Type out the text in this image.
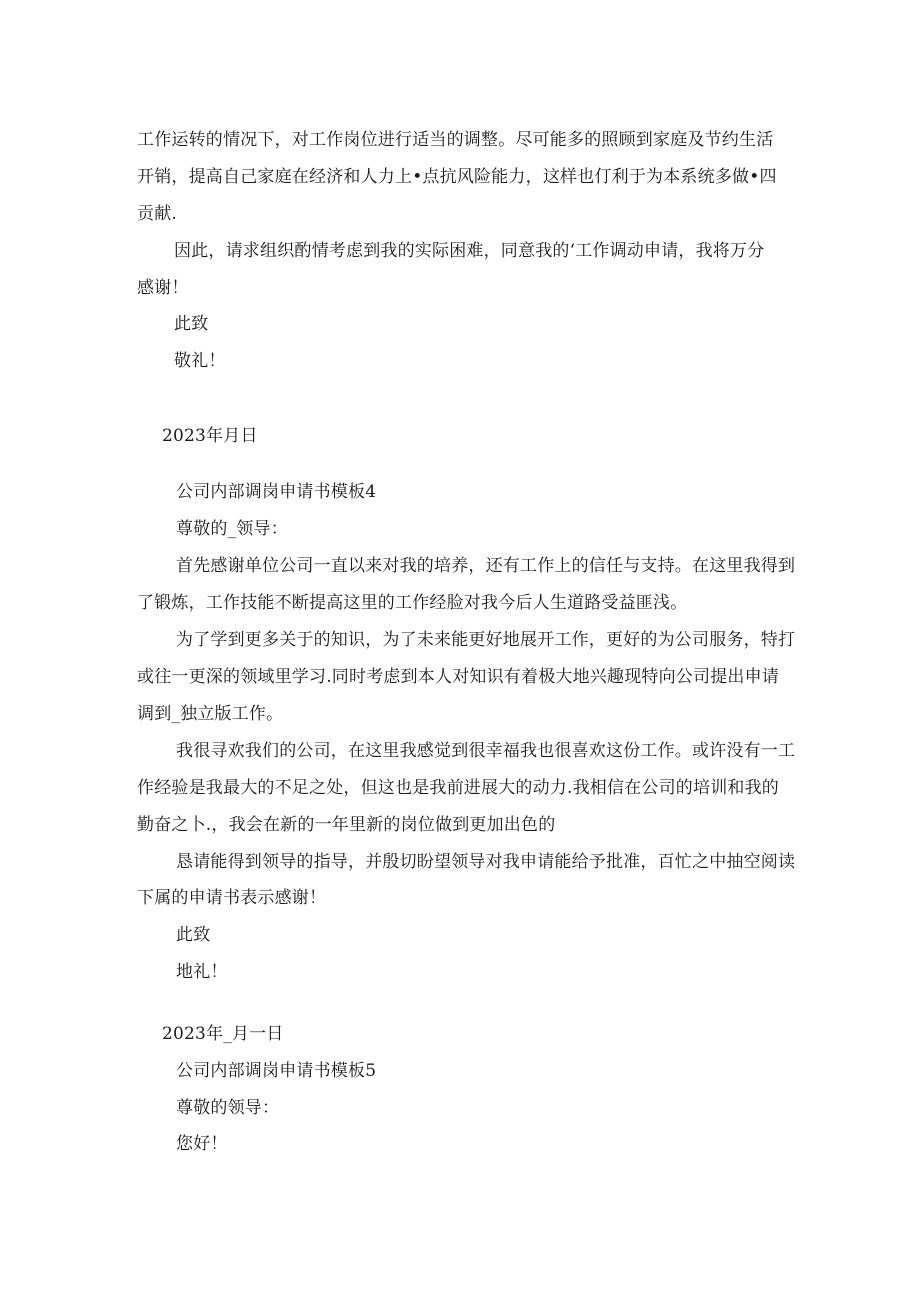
工作运转的情况下，对工作岗位进行适当的调整。尽可能多的照顾到家庭及节约生活
开销，提高自己家庭在经济和人力上•点抗风险能力，这样也仃利于为本系统多做•四
贡献.
因此，请求组织酌情考虑到我的实际困难，同意我的‘工作调动申请，我将万分
感谢！
此致
敬礼！
2023年月日
公司内部调岗申请书模板4
尊敬的_领导：
首先感谢单位公司一直以来对我的培养，还有工作上的信任与支持。在这里我得到
了锻炼，工作技能不断提高这里的工作经脸对我今后人生道路受益匪浅。
为了学到更多关于的知识，为了未来能更好地展开工作，更好的为公司服务，特打
或往一更深的领域里学习.同时考虑到本人对知识有着极大地兴趣现特向公司提出申请
调到_独立版工作。
我很寻欢我们的公司，在这里我感觉到很幸福我也很喜欢这份工作。或许没有一工
作经验是我最大的不足之处，但这也是我前进展大的动力.我相信在公司的培训和我的
勤奋之卜.，我会在新的一年里新的岗位做到更加出色的
恳请能得到领导的指导，并殷切盼望领导对我申请能给予批准，百忙之中抽空阅读
下属的申请书表示感谢！
此致
地礼！
2023年_月一日
公司内部调岗申请书模板5
尊敬的领导：
您好！
